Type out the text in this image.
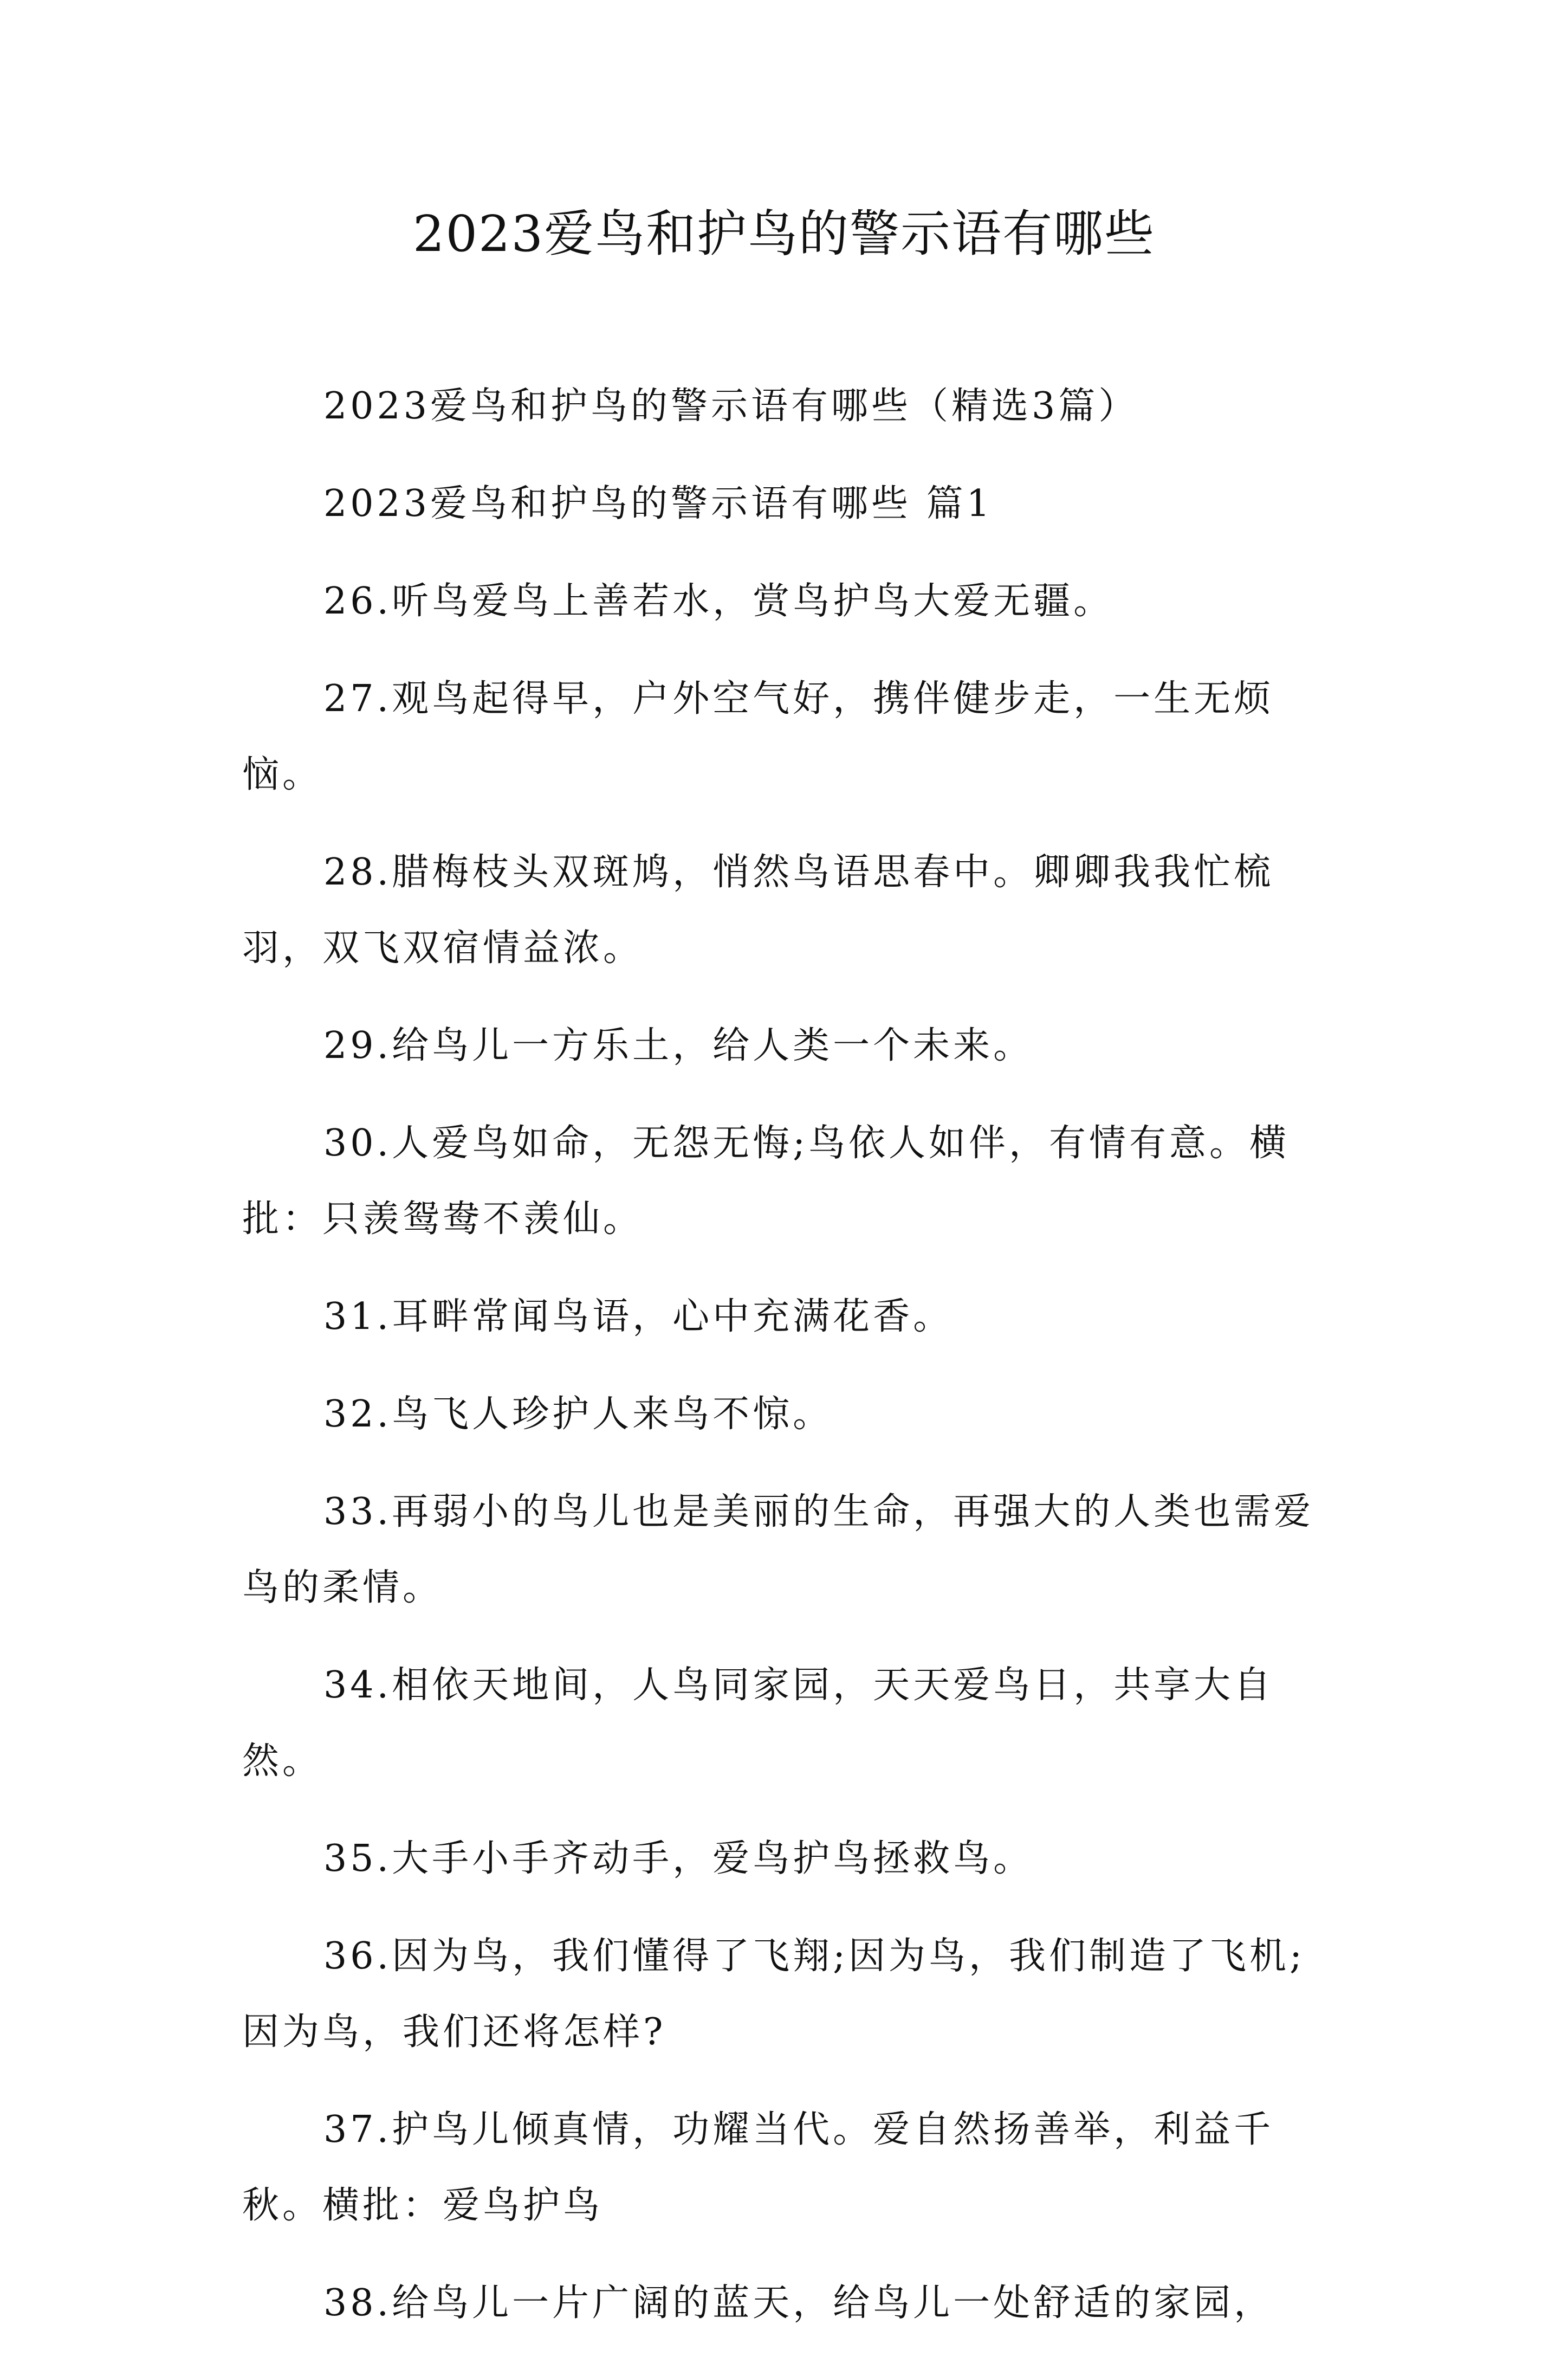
2023爱鸟和护鸟的警示语有哪些

2023爱鸟和护鸟的警示语有哪些（精选3篇）

2023爱鸟和护鸟的警示语有哪些 篇1

26.听鸟爱鸟上善若水，赏鸟护鸟大爱无疆。

27.观鸟起得早，户外空气好，携伴健步走，一生无烦恼。

28.腊梅枝头双斑鸠，悄然鸟语思春中。卿卿我我忙梳羽，双飞双宿情益浓。

29.给鸟儿一方乐土，给人类一个未来。

30.人爱鸟如命，无怨无悔;鸟依人如伴，有情有意。横批：只羡鸳鸯不羡仙。

31.耳畔常闻鸟语，心中充满花香。

32.鸟飞人珍护人来鸟不惊。

33.再弱小的鸟儿也是美丽的生命，再强大的人类也需爱鸟的柔情。

34.相依天地间，人鸟同家园，天天爱鸟日，共享大自然。

35.大手小手齐动手，爱鸟护鸟拯救鸟。

36.因为鸟，我们懂得了飞翔;因为鸟，我们制造了飞机;因为鸟，我们还将怎样?

37.护鸟儿倾真情，功耀当代。爱自然扬善举，利益千秋。横批：爱鸟护鸟

38.给鸟儿一片广阔的蓝天，给鸟儿一处舒适的家园，
